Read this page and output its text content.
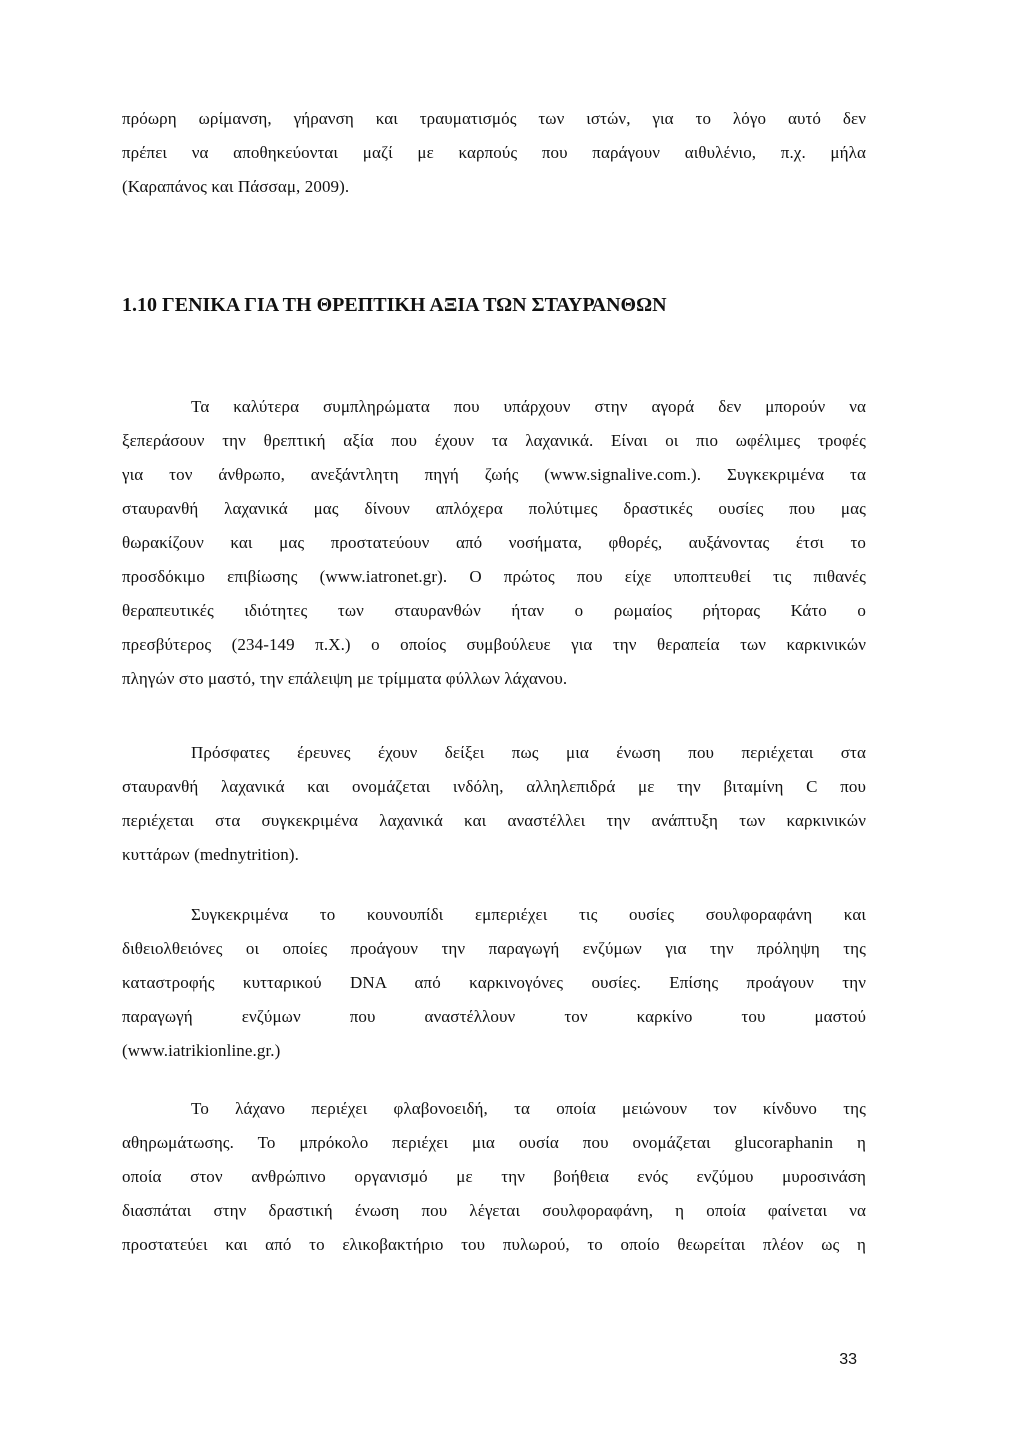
πρόωρη ωρίμανση, γήρανση και τραυματισμός των ιστών, για το λόγο αυτό δεν
πρέπει να αποθηκεύονται μαζί με καρπούς που παράγουν αιθυλένιο, π.χ. μήλα
(Καραπάνος και Πάσσαμ, 2009).
1.10 ΓΕΝΙΚΑ ΓΙΑ ΤΗ ΘΡΕΠΤΙΚΗ ΑΞΙΑ ΤΩΝ ΣΤΑΥΡΑΝΘΩΝ
Τα καλύτερα συμπληρώματα που υπάρχουν στην αγορά δεν μπορούν να
ξεπεράσουν την θρεπτική αξία που έχουν τα λαχανικά. Είναι οι πιο ωφέλιμες τροφές
για τον άνθρωπο, ανεξάντλητη πηγή ζωής (www.signalive.com.). Συγκεκριμένα τα
σταυρανθή λαχανικά μας δίνουν απλόχερα πολύτιμες δραστικές ουσίες που μας
θωρακίζουν και μας προστατεύουν από νοσήματα, φθορές, αυξάνοντας έτσι το
προσδόκιμο επιβίωσης (www.iatronet.gr). Ο πρώτος που είχε υποπτευθεί τις πιθανές
θεραπευτικές ιδιότητες των σταυρανθών ήταν ο ρωμαίος ρήτορας Κάτο ο
πρεσβύτερος (234-149 π.Χ.) ο οποίος συμβούλευε για την θεραπεία των καρκινικών
πληγών στο μαστό, την επάλειψη με τρίμματα φύλλων λάχανου.
Πρόσφατες έρευνες έχουν δείξει πως μια ένωση που περιέχεται στα
σταυρανθή λαχανικά και ονομάζεται ινδόλη, αλληλεπιδρά με την βιταμίνη C που
περιέχεται στα συγκεκριμένα λαχανικά και αναστέλλει την ανάπτυξη των καρκινικών
κυττάρων (mednytrition).
Συγκεκριμένα το κουνουπίδι εμπεριέχει τις ουσίες σουλφοραφάνη και
διθειολθειόνες οι οποίες προάγουν την παραγωγή ενζύμων για την πρόληψη της
καταστροφής κυτταρικού DNA από καρκινογόνες ουσίες. Επίσης προάγουν την
παραγωγή ενζύμων που αναστέλλουν τον καρκίνο του μαστού
(www.iatrikionline.gr.)
Το λάχανο περιέχει φλαβονοειδή, τα οποία μειώνουν τον κίνδυνο της
αθηρωμάτωσης. Το μπρόκολο περιέχει μια ουσία που ονομάζεται glucoraphanin η
οποία στον ανθρώπινο οργανισμό με την βοήθεια ενός ενζύμου μυροσινάση
διασπάται στην δραστική ένωση που λέγεται σουλφοραφάνη, η οποία φαίνεται να
προστατεύει και από το ελικοβακτήριο του πυλωρού, το οποίο θεωρείται πλέον ως η
33
